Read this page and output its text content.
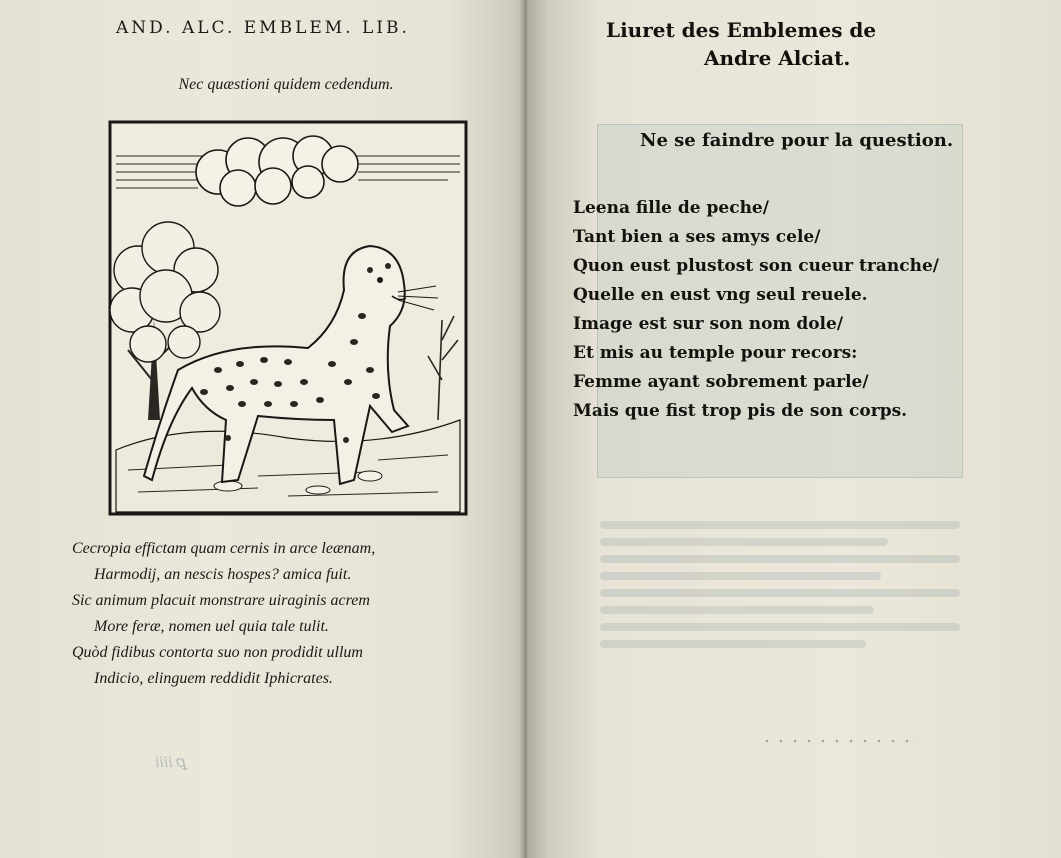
AND. ALC. EMBLEM. LIB.
Nec quæstioni quidem cedendum.
Cecropia effictam quam cernis in arce leænam,
Harmodij, an nescis hospes? amica fuit.
Sic animum placuit monstrare uiraginis acrem
More feræ, nomen uel quia tale tulit.
Quòd fidibus contorta suo non prodidit ullum
Indicio, elinguem reddidit Iphicrates.
ꝑ iiii
Liuret des Emblemes de
Andre Alciat.
Ne se faindre pour la question.
Leena fille de peche/
Tant bien a ses amys cele/
Quon eust plustost son cueur tranche/
Quelle en eust vng seul reuele.
Image est sur son nom dole/
Et mis au temple pour recors:
Femme ayant sobrement parle/
Mais que fist trop pis de son corps.
